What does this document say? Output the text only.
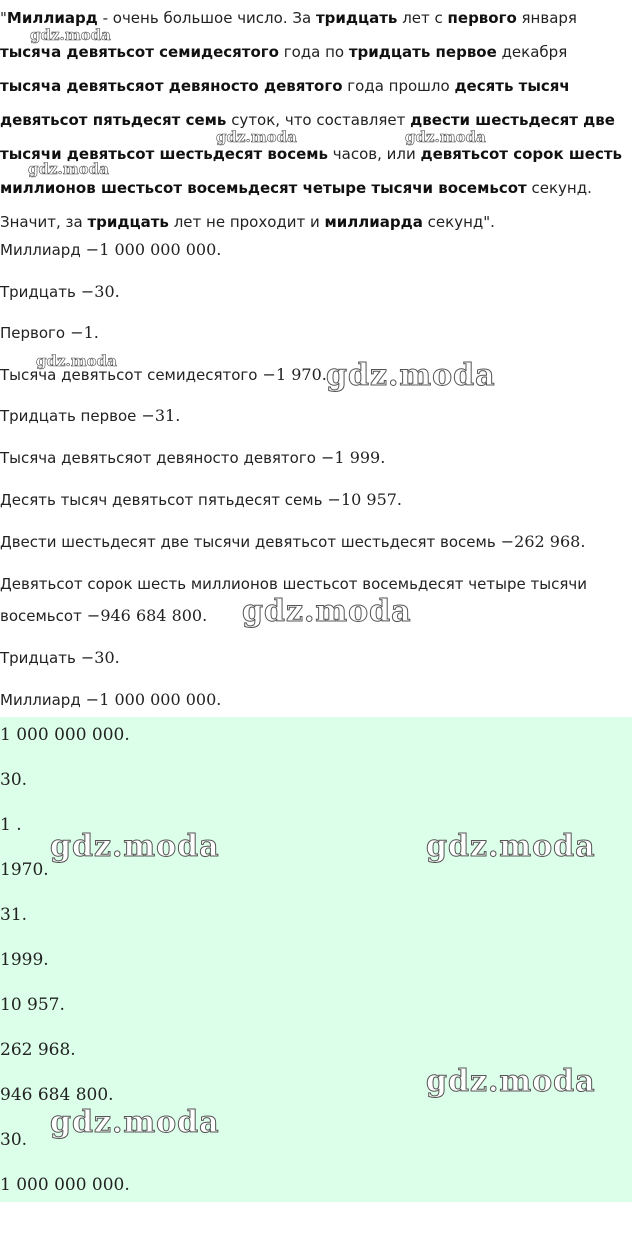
"Миллиард - очень большое число. За тридцать лет с первого января тысяча девятьсот семидесятого года по тридцать первое декабря тысяча девятьсяот девяносто девятого года прошло десять тысяч девятьсот пятьдесят семь суток, что составляет двести шестьдесят две тысячи девятьсот шестьдесят восемь часов, или девятьсот сорок шесть миллионов шестьсот восемьдесят четыре тысячи восемьсот секунд. Значит, за тридцать лет не проходит и миллиарда секунд".

Миллиард −1 000 000 000.

Тридцать −30.

Первого −1.

Тысяча девятьсот семидесятого −1 970.

Тридцать первое −31.

Тысяча девятьсяот девяносто девятого −1 999.

Десять тысяч девятьсот пятьдесят семь −10 957.

Двести шестьдесят две тысячи девятьсот шестьдесят восемь −262 968.

Девятьсот сорок шесть миллионов шестьсот восемьдесят четыре тысячи

восемьсот −946 684 800.

Тридцать −30.

Миллиард −1 000 000 000.

1 000 000 000.

30.

1 .

1970.

31.

1999.

10 957.

262 968.

946 684 800.

30.

1 000 000 000.

gdz.moda
gdz.moda	gdz.moda
gdz.moda
gdz.moda	gdz.moda
gdz.moda
gdz.moda	gdz.moda
gdz.moda
gdz.moda
